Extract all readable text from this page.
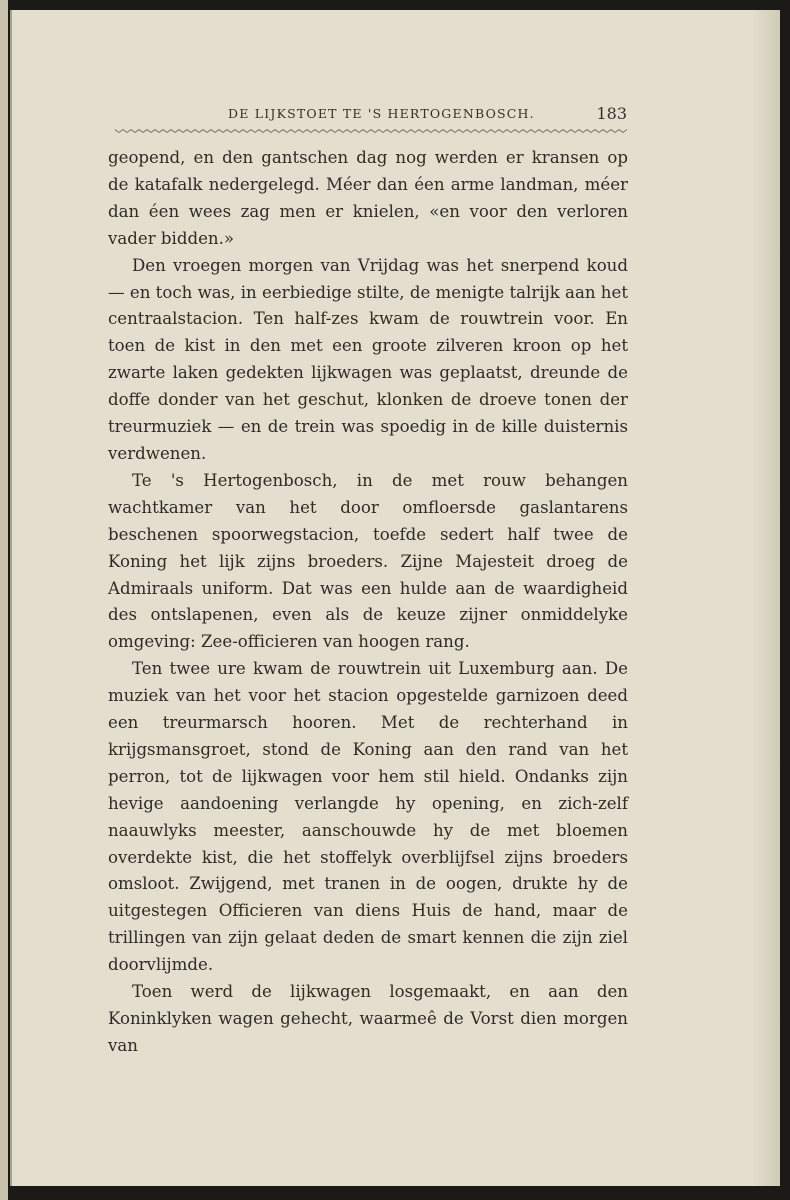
DE LIJKSTOET TE 'S HERTOGENBOSCH.	183

geopend, en den gantschen dag nog werden er kransen op de katafalk nedergelegd. Méer dan éen arme landman, méer dan éen wees zag men er knielen, «en voor den verloren vader bidden.»

Den vroegen morgen van Vrijdag was het snerpend koud — en toch was, in eerbiedige stilte, de menigte talrijk aan het centraalstacion. Ten half-zes kwam de rouwtrein voor. En toen de kist in den met een groote zilveren kroon op het zwarte laken gedekten lijkwagen was geplaatst, dreunde de doffe donder van het geschut, klonken de droeve tonen der treurmuziek — en de trein was spoedig in de kille duisternis verdwenen.

Te 's Hertogenbosch, in de met rouw behangen wachtkamer van het door omfloersde gaslantarens beschenen spoorwegstacion, toefde sedert half twee de Koning het lijk zijns broeders. Zijne Majesteit droeg de Admiraals uniform. Dat was een hulde aan de waardigheid des ontslapenen, even als de keuze zijner onmiddelyke omgeving: Zee-officieren van hoogen rang.

Ten twee ure kwam de rouwtrein uit Luxemburg aan. De muziek van het voor het stacion opgestelde garnizoen deed een treurmarsch hooren. Met de rechterhand in krijgsmansgroet, stond de Koning aan den rand van het perron, tot de lijkwagen voor hem stil hield. Ondanks zijn hevige aandoening verlangde hy opening, en zich-zelf naauwlyks meester, aanschouwde hy de met bloemen overdekte kist, die het stoffelyk overblijfsel zijns broeders omsloot. Zwijgend, met tranen in de oogen, drukte hy de uitgestegen Officieren van diens Huis de hand, maar de trillingen van zijn gelaat deden de smart kennen die zijn ziel doorvlijmde.

Toen werd de lijkwagen losgemaakt, en aan den Koninklyken wagen gehecht, waarmeê de Vorst dien morgen van
